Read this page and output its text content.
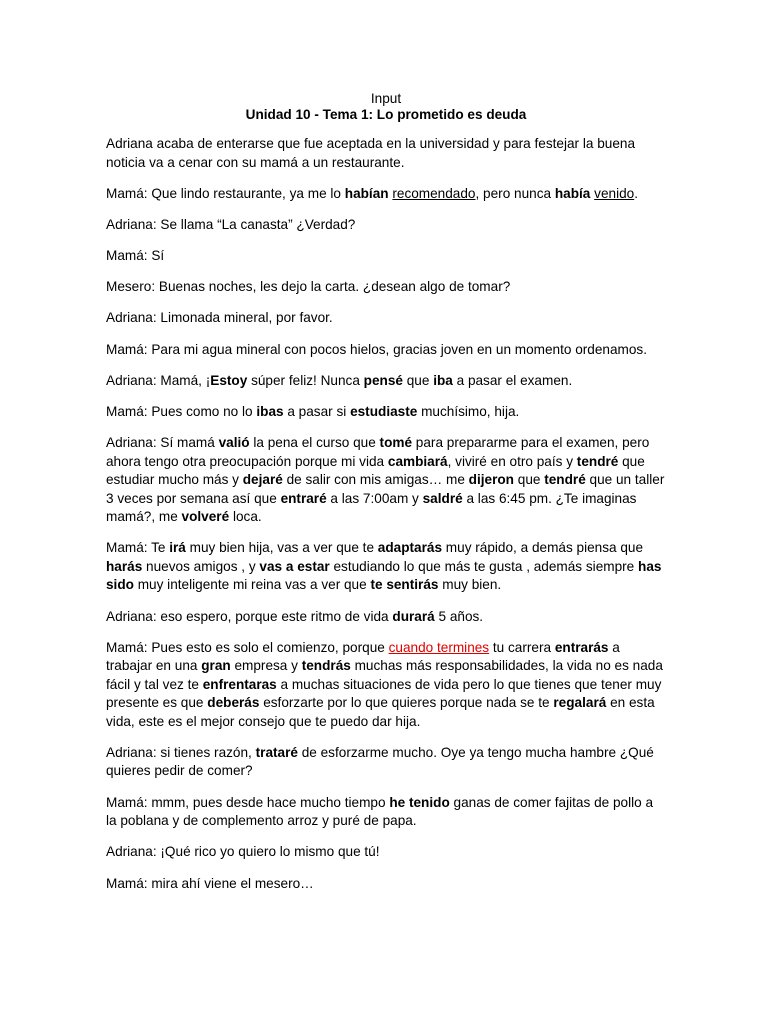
Input
Unidad 10 - Tema 1: Lo prometido es deuda

Adriana acaba de enterarse que fue aceptada en la universidad y para festejar la buena noticia va a cenar con su mamá a un restaurante.

Mamá: Que lindo restaurante, ya me lo habían recomendado, pero nunca había venido.

Adriana: Se llama “La canasta” ¿Verdad?

Mamá: Sí

Mesero: Buenas noches, les dejo la carta. ¿desean algo de tomar?

Adriana: Limonada mineral, por favor.

Mamá: Para mi agua mineral con pocos hielos, gracias joven en un momento ordenamos.

Adriana: Mamá, ¡Estoy súper feliz! Nunca pensé que iba a pasar el examen.

Mamá: Pues como no lo ibas a pasar si estudiaste muchísimo, hija.

Adriana: Sí mamá valió la pena el curso que tomé para prepararme para el examen, pero ahora tengo otra preocupación porque mi vida cambiará, viviré en otro país y tendré que estudiar mucho más y dejaré de salir con mis amigas… me dijeron que tendré que un taller 3 veces por semana así que entraré a las 7:00am y saldré a las 6:45 pm. ¿Te imaginas mamá?, me volveré loca.

Mamá: Te irá muy bien hija, vas a ver que te adaptarás muy rápido, a demás piensa que harás nuevos amigos , y vas a estar estudiando lo que más te gusta , además siempre has sido muy inteligente mi reina vas a ver que te sentirás muy bien.

Adriana: eso espero, porque este ritmo de vida durará 5 años.

Mamá: Pues esto es solo el comienzo, porque cuando termines tu carrera entrarás a trabajar en una gran empresa y tendrás muchas más responsabilidades, la vida no es nada fácil y tal vez te enfrentaras a muchas situaciones de vida pero lo que tienes que tener muy presente es que deberás esforzarte por lo que quieres porque nada se te regalará en esta vida, este es el mejor consejo que te puedo dar hija.

Adriana: si tienes razón, trataré de esforzarme mucho. Oye ya tengo mucha hambre ¿Qué quieres pedir de comer?

Mamá: mmm, pues desde hace mucho tiempo he tenido ganas de comer fajitas de pollo a la poblana y de complemento arroz y puré de papa.

Adriana: ¡Qué rico yo quiero lo mismo que tú!

Mamá: mira ahí viene el mesero…
